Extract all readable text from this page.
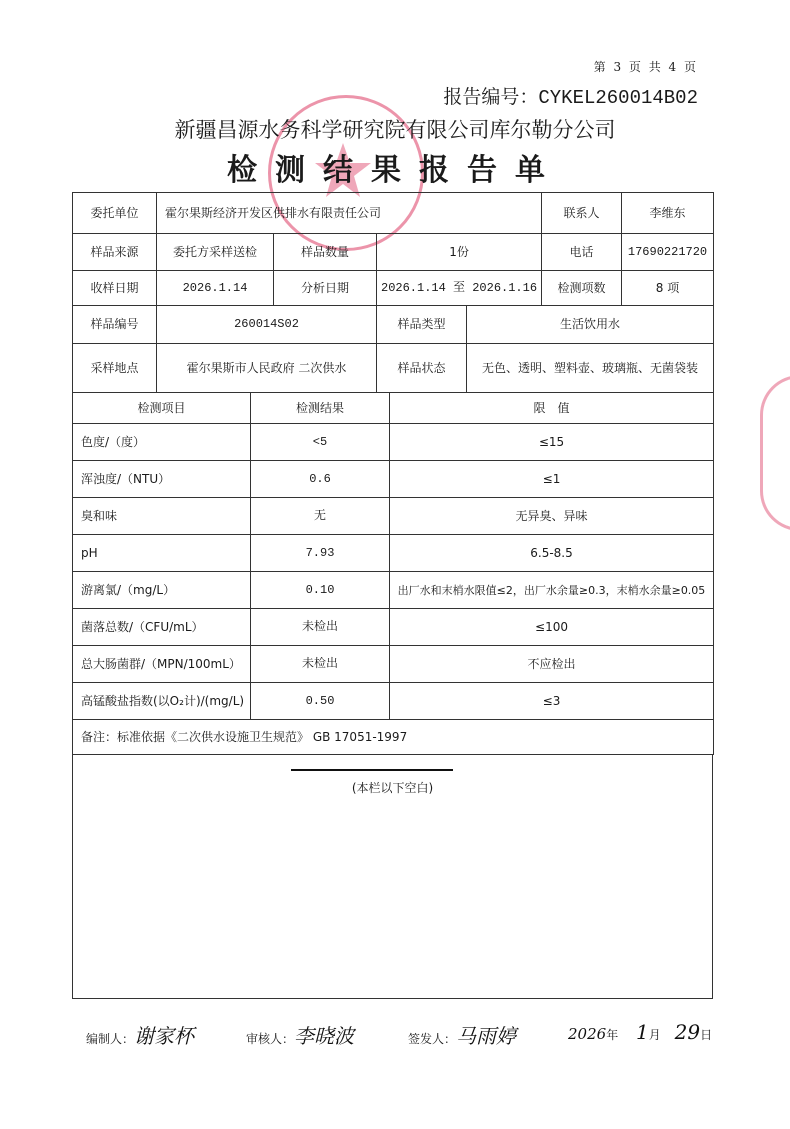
第 3 页 共 4 页
报告编号：CYKEL260014B02
新疆昌源水务科学研究院有限公司库尔勒分公司
检测结果报告单
委托单位	霍尔果斯经济开发区供排水有限责任公司				联系人	李维东
样品来源	委托方采样送检	样品数量	1份		电话	17690221720
收样日期	2026.1.14	分析日期	2026.1.14 至 2026.1.16		检测项数	8 项
样品编号	260014S02		样品类型	生活饮用水		
采样地点	霍尔果斯市人民政府 二次供水		样品状态	无色、透明、塑料壶、玻璃瓶、无菌袋装		
检测项目	检测结果	限　值
色度/（度）	<5	≤15
浑浊度/（NTU）	0.6	≤1
臭和味	无	无异臭、异味
pH	7.93	6.5-8.5
游离氯/（mg/L）	0.10	出厂水和末梢水限值≤2，出厂水余量≥0.3，末梢水余量≥0.05
菌落总数/（CFU/mL）	未检出	≤100
总大肠菌群/（MPN/100mL）	未检出	不应检出
高锰酸盐指数(以O₂计)/(mg/L)	0.50	≤3
备注：标准依据《二次供水设施卫生规范》 GB 17051-1997		
(本栏以下空白)
编制人：谢家杯	审核人：李晓波	签发人：马雨婷	2026年 1月 29日
